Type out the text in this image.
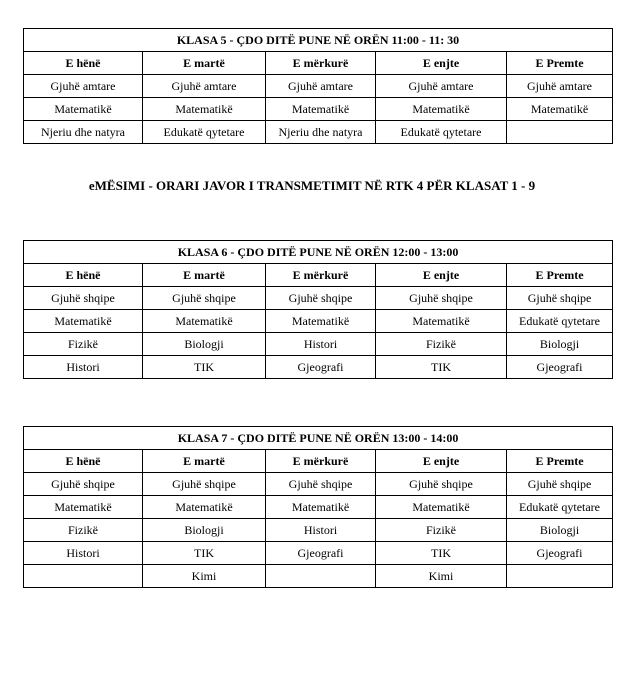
KLASA 5 - ÇDO DITË PUNE NË ORËN 11:00 - 11: 30				
E hënë	E martë	E mërkurë	E enjte	E Premte
Gjuhë amtare	Gjuhë amtare	Gjuhë amtare	Gjuhë amtare	Gjuhë amtare
Matematikë	Matematikë	Matematikë	Matematikë	Matematikë
Njeriu dhe natyra	Edukatë qytetare	Njeriu dhe natyra	Edukatë qytetare	
eMËSIMI - ORARI JAVOR I TRANSMETIMIT NË RTK 4 PËR KLASAT 1 - 9
KLASA 6 - ÇDO DITË PUNE NË ORËN 12:00 - 13:00				
E hënë	E martë	E mërkurë	E enjte	E Premte
Gjuhë shqipe	Gjuhë shqipe	Gjuhë shqipe	Gjuhë shqipe	Gjuhë shqipe
Matematikë	Matematikë	Matematikë	Matematikë	Edukatë qytetare
Fizikë	Biologji	Histori	Fizikë	Biologji
Histori	TIK	Gjeografi	TIK	Gjeografi
KLASA 7 - ÇDO DITË PUNE NË ORËN 13:00 - 14:00				
E hënë	E martë	E mërkurë	E enjte	E Premte
Gjuhë shqipe	Gjuhë shqipe	Gjuhë shqipe	Gjuhë shqipe	Gjuhë shqipe
Matematikë	Matematikë	Matematikë	Matematikë	Edukatë qytetare
Fizikë	Biologji	Histori	Fizikë	Biologji
Histori	TIK	Gjeografi	TIK	Gjeografi
	Kimi		Kimi	
